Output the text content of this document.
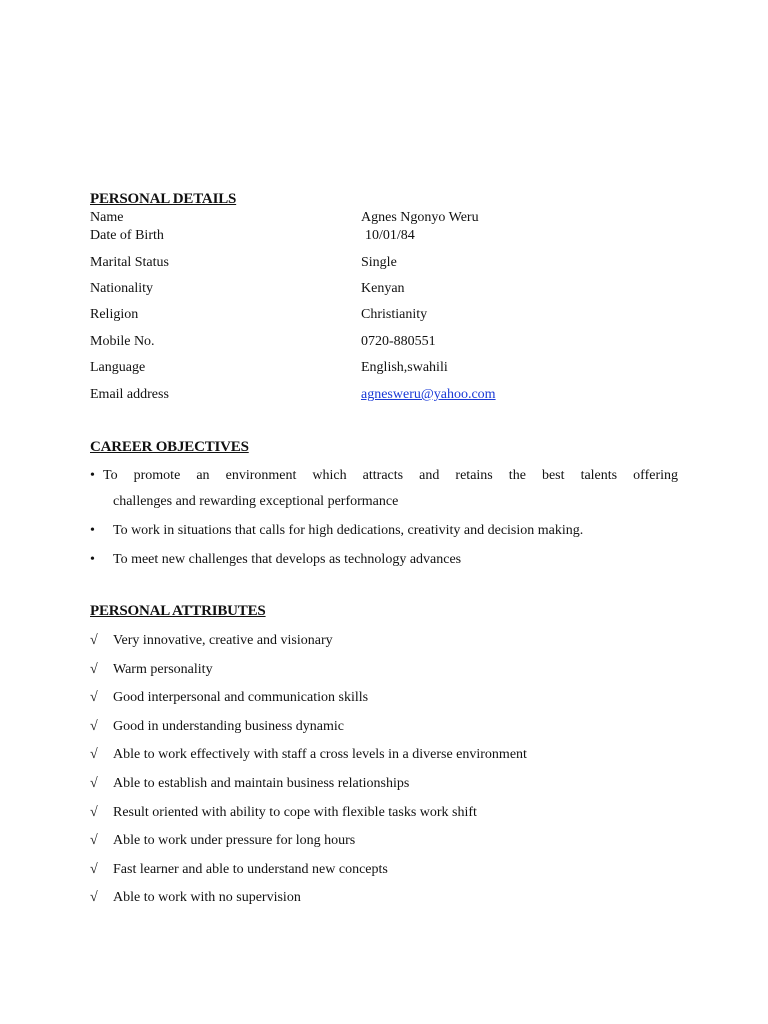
PERSONAL DETAILS
Name	Agnes Ngonyo Weru
Date of Birth	10/01/84
Marital Status	Single
Nationality	Kenyan
Religion	Christianity
Mobile No.	0720-880551
Language	English,swahili
Email address	agnesweru@yahoo.com
CAREER OBJECTIVES
• To promote an environment which attracts and retains the best talents offering
challenges and rewarding exceptional performance
• To work in situations that calls for high dedications, creativity and decision making.
• To meet new challenges that develops as technology advances
PERSONAL ATTRIBUTES
√ Very innovative, creative and visionary
√ Warm personality
√ Good interpersonal and communication skills
√ Good in understanding business dynamic
√ Able to work effectively with staff a cross levels in a diverse environment
√ Able to establish and maintain business relationships
√ Result oriented with ability to cope with flexible tasks work shift
√ Able to work under pressure for long hours
√ Fast learner and able to understand new concepts
√ Able to work with no supervision
